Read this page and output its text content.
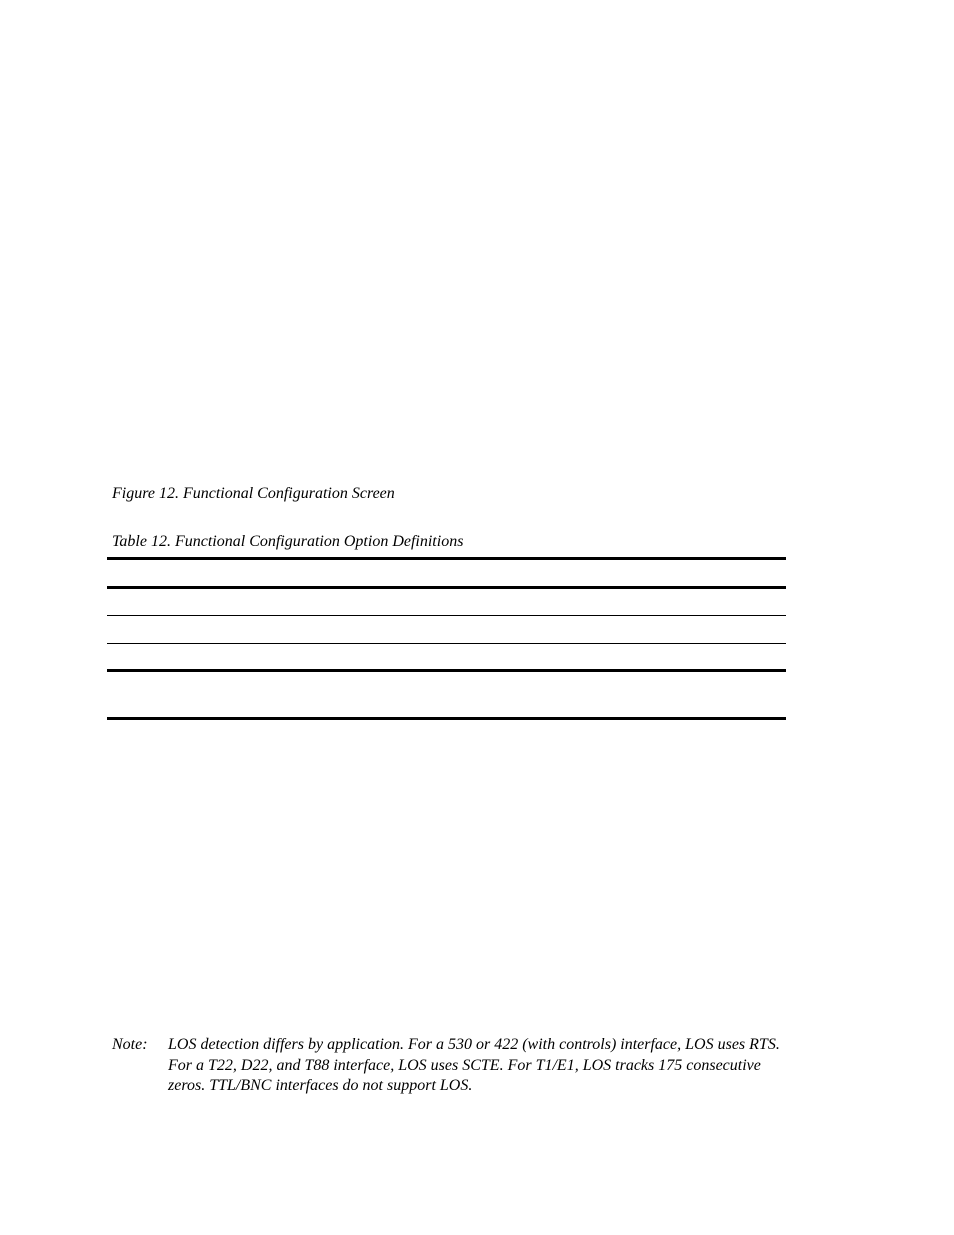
Figure 12. Functional Configuration Screen
Table 12. Functional Configuration Option Definitions
Note: LOS detection differs by application. For a 530 or 422 (with controls) interface, LOS uses RTS. For a T22, D22, and T88 interface, LOS uses SCTE. For T1/E1, LOS tracks 175 consecutive zeros. TTL/BNC interfaces do not support LOS.
